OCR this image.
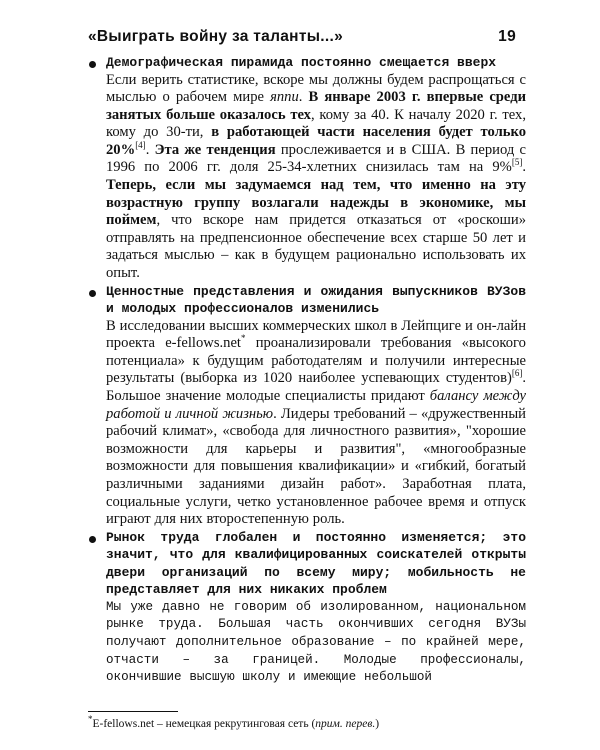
«Выиграть войну за таланты...»	19
Демографическая пирамида постоянно смещается вверх
Если верить статистике, вскоре мы должны будем распрощаться с мыслью о рабочем мире яппи. В январе 2003 г. впервые среди занятых больше оказалось тех, кому за 40. К началу 2020 г. тех, кому до 30-ти, в работающей части населения будет только 20%[4]. Эта же тенденция прослеживается и в США. В период с 1996 по 2006 гг. доля 25-34-хлетних снизилась там на 9%[5]. Теперь, если мы задумаемся над тем, что именно на эту возрастную группу возлагали надежды в экономике, мы поймем, что вскоре нам придется отказаться от «роскоши» отправлять на предпенсионное обеспечение всех старше 50 лет и задаться мыслью – как в будущем рационально использовать их опыт.
Ценностные представления и ожидания выпускников ВУЗов и молодых профессионалов изменились
В исследовании высших коммерческих школ в Лейпциге и он-лайн проекта e-fellows.net* проанализировали требования «высокого потенциала» к будущим работодателям и получили интересные результаты (выборка из 1020 наиболее успевающих студентов)[6]. Большое значение молодые специалисты придают балансу между работой и личной жизнью. Лидеры требований – «дружественный рабочий климат», «свобода для личностного развития», "хорошие возможности для карьеры и развития", «многообразные возможности для повышения квалификации» и «гибкий, богатый различными заданиями дизайн работ». Заработная плата, социальные услуги, четко установленное рабочее время и отпуск играют для них второстепенную роль.
Рынок труда глобален и постоянно изменяется; это значит, что для квалифицированных соискателей открыты двери организаций по всему миру; мобильность не представляет для них никаких проблем
Мы уже давно не говорим об изолированном, национальном рынке труда. Большая часть окончивших сегодня ВУЗы получают дополнительное образование – по крайней мере, отчасти – за границей. Молодые профессионалы, окончившие высшую школу и имеющие небольшой
*E-fellows.net – немецкая рекрутинговая сеть (прим. перев.)
